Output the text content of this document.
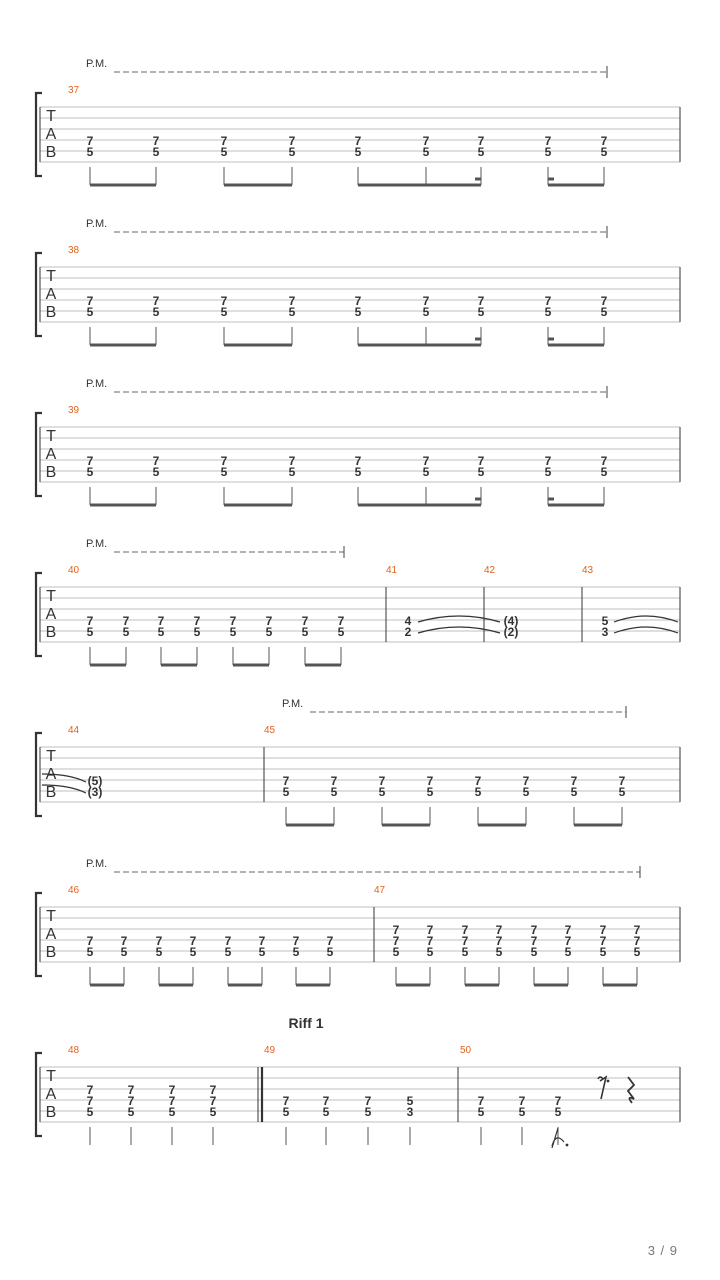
T
A
B
P.M.
37
7
5
7
5
7
5
7
5
7
5
7
5
7
5
7
5
7
5
T
A
B
P.M.
38
7
5
7
5
7
5
7
5
7
5
7
5
7
5
7
5
7
5
T
A
B
P.M.
39
7
5
7
5
7
5
7
5
7
5
7
5
7
5
7
5
7
5
T
A
B
P.M.
40
7
5
7
5
7
5
7
5
7
5
7
5
7
5
7
5
41
4
2
42
(4)
(2)
43
5
3
T
A
B
P.M.
44
(5)
(3)
45
7
5
7
5
7
5
7
5
7
5
7
5
7
5
7
5
T
A
B
P.M.
46
7
5
7
5
7
5
7
5
7
5
7
5
7
5
7
5
47
7
7
5
7
7
5
7
7
5
7
7
5
7
7
5
7
7
5
7
7
5
7
7
5
T
A
B
48
7
7
5
7
7
5
7
7
5
7
7
5
49
7
5
7
5
7
5
5
3
50
7
5
7
5
7
5
Riff 1
3 / 9
